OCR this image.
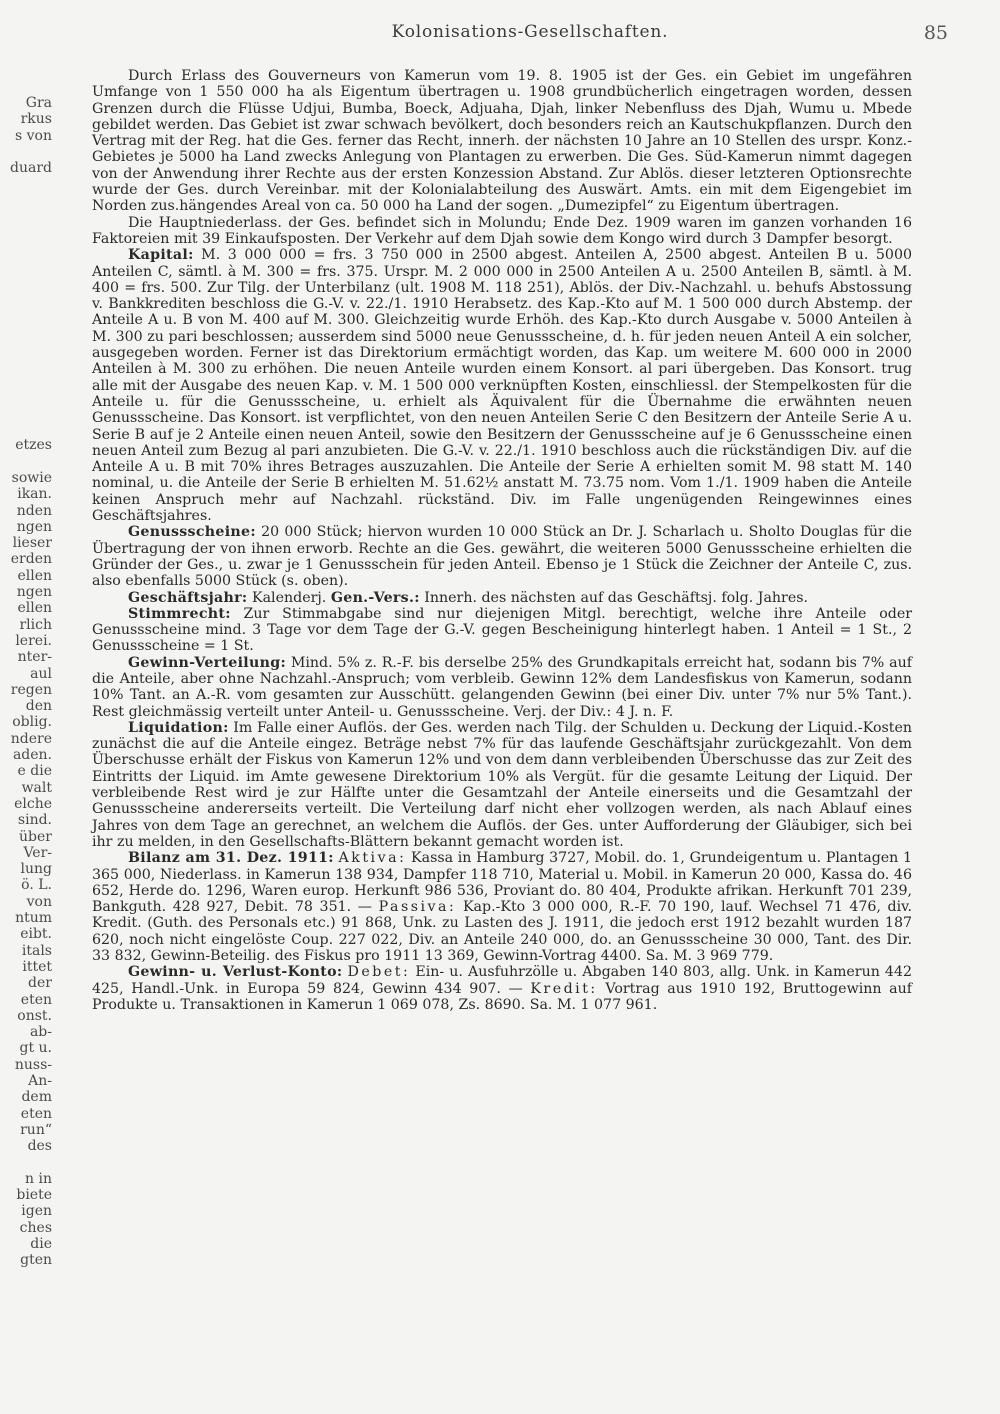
Kolonisations-Gesellschaften.	85
Gra
rkus
s von
duard
etzes
sowie
ikan.
nden
ngen
lieser
erden
ellen
ngen
ellen
rlich
lerei.
nter-
aul
regen
den
oblig.
ndere
aden.
e die
walt
elche
sind.
über
Ver-
lung
ö. L.
von
ntum
eibt.
itals
ittet
der
eten
onst.
ab-
gt u.
nuss-
An-
dem
eten
run“
des
n in
biete
igen
ches
die
gten

Durch Erlass des Gouverneurs von Kamerun vom 19. 8. 1905 ist der Ges. ein Gebiet im ungefähren Umfange von 1 550 000 ha als Eigentum übertragen u. 1908 grundbücherlich eingetragen worden, dessen Grenzen durch die Flüsse Udjui, Bumba, Boeck, Adjuaha, Djah, linker Nebenfluss des Djah, Wumu u. Mbede gebildet werden. Das Gebiet ist zwar schwach bevölkert, doch besonders reich an Kautschukpflanzen. Durch den Vertrag mit der Reg. hat die Ges. ferner das Recht, innerh. der nächsten 10 Jahre an 10 Stellen des urspr. Konz.-Gebietes je 5000 ha Land zwecks Anlegung von Plantagen zu erwerben. Die Ges. Süd-Kamerun nimmt dagegen von der Anwendung ihrer Rechte aus der ersten Konzession Abstand. Zur Ablös. dieser letzteren Optionsrechte wurde der Ges. durch Vereinbar. mit der Kolonialabteilung des Auswärt. Amts. ein mit dem Eigengebiet im Norden zus.hängendes Areal von ca. 50 000 ha Land der sogen. „Dumezipfel“ zu Eigentum übertragen.

Die Hauptniederlass. der Ges. befindet sich in Molundu; Ende Dez. 1909 waren im ganzen vorhanden 16 Faktoreien mit 39 Einkaufsposten. Der Verkehr auf dem Djah sowie dem Kongo wird durch 3 Dampfer besorgt.

Kapital: M. 3 000 000 = frs. 3 750 000 in 2500 abgest. Anteilen A, 2500 abgest. Anteilen B u. 5000 Anteilen C, sämtl. à M. 300 = frs. 375. Urspr. M. 2 000 000 in 2500 Anteilen A u. 2500 Anteilen B, sämtl. à M. 400 = frs. 500. Zur Tilg. der Unterbilanz (ult. 1908 M. 118 251), Ablös. der Div.-Nachzahl. u. behufs Abstossung v. Bankkrediten beschloss die G.-V. v. 22./1. 1910 Herabsetz. des Kap.-Kto auf M. 1 500 000 durch Abstemp. der Anteile A u. B von M. 400 auf M. 300. Gleichzeitig wurde Erhöh. des Kap.-Kto durch Ausgabe v. 5000 Anteilen à M. 300 zu pari beschlossen; ausserdem sind 5000 neue Genussscheine, d. h. für jeden neuen Anteil A ein solcher, ausgegeben worden. Ferner ist das Direktorium ermächtigt worden, das Kap. um weitere M. 600 000 in 2000 Anteilen à M. 300 zu erhöhen. Die neuen Anteile wurden einem Konsort. al pari übergeben. Das Konsort. trug alle mit der Ausgabe des neuen Kap. v. M. 1 500 000 verknüpften Kosten, einschliessl. der Stempelkosten für die Anteile u. für die Genussscheine, u. erhielt als Äquivalent für die Übernahme die erwähnten neuen Genussscheine. Das Konsort. ist verpflichtet, von den neuen Anteilen Serie C den Besitzern der Anteile Serie A u. Serie B auf je 2 Anteile einen neuen Anteil, sowie den Besitzern der Genussscheine auf je 6 Genussscheine einen neuen Anteil zum Bezug al pari anzubieten. Die G.-V. v. 22./1. 1910 beschloss auch die rückständigen Div. auf die Anteile A u. B mit 70% ihres Betrages auszuzahlen. Die Anteile der Serie A erhielten somit M. 98 statt M. 140 nominal, u. die Anteile der Serie B erhielten M. 51.62½ anstatt M. 73.75 nom. Vom 1./1. 1909 haben die Anteile keinen Anspruch mehr auf Nachzahl. rückständ. Div. im Falle ungenügenden Reingewinnes eines Geschäftsjahres.

Genussscheine: 20 000 Stück; hiervon wurden 10 000 Stück an Dr. J. Scharlach u. Sholto Douglas für die Übertragung der von ihnen erworb. Rechte an die Ges. gewährt, die weiteren 5000 Genussscheine erhielten die Gründer der Ges., u. zwar je 1 Genussschein für jeden Anteil. Ebenso je 1 Stück die Zeichner der Anteile C, zus. also ebenfalls 5000 Stück (s. oben).

Geschäftsjahr: Kalenderj. Gen.-Vers.: Innerh. des nächsten auf das Geschäftsj. folg. Jahres.

Stimmrecht: Zur Stimmabgabe sind nur diejenigen Mitgl. berechtigt, welche ihre Anteile oder Genussscheine mind. 3 Tage vor dem Tage der G.-V. gegen Bescheinigung hinterlegt haben. 1 Anteil = 1 St., 2 Genussscheine = 1 St.

Gewinn-Verteilung: Mind. 5% z. R.-F. bis derselbe 25% des Grundkapitals erreicht hat, sodann bis 7% auf die Anteile, aber ohne Nachzahl.-Anspruch; vom verbleib. Gewinn 12% dem Landesfiskus von Kamerun, sodann 10% Tant. an A.-R. vom gesamten zur Ausschütt. gelangenden Gewinn (bei einer Div. unter 7% nur 5% Tant.). Rest gleichmässig verteilt unter Anteil- u. Genussscheine. Verj. der Div.: 4 J. n. F.

Liquidation: Im Falle einer Auflös. der Ges. werden nach Tilg. der Schulden u. Deckung der Liquid.-Kosten zunächst die auf die Anteile eingez. Beträge nebst 7% für das laufende Geschäftsjahr zurückgezahlt. Von dem Überschusse erhält der Fiskus von Kamerun 12% und von dem dann verbleibenden Überschusse das zur Zeit des Eintritts der Liquid. im Amte gewesene Direktorium 10% als Vergüt. für die gesamte Leitung der Liquid. Der verbleibende Rest wird je zur Hälfte unter die Gesamtzahl der Anteile einerseits und die Gesamtzahl der Genussscheine andererseits verteilt. Die Verteilung darf nicht eher vollzogen werden, als nach Ablauf eines Jahres von dem Tage an gerechnet, an welchem die Auflös. der Ges. unter Aufforderung der Gläubiger, sich bei ihr zu melden, in den Gesellschafts-Blättern bekannt gemacht worden ist.

Bilanz am 31. Dez. 1911: Aktiva: Kassa in Hamburg 3727, Mobil. do. 1, Grundeigentum u. Plantagen 1 365 000, Niederlass. in Kamerun 138 934, Dampfer 118 710, Material u. Mobil. in Kamerun 20 000, Kassa do. 46 652, Herde do. 1296, Waren europ. Herkunft 986 536, Proviant do. 80 404, Produkte afrikan. Herkunft 701 239, Bankguth. 428 927, Debit. 78 351. — Passiva: Kap.-Kto 3 000 000, R.-F. 70 190, lauf. Wechsel 71 476, div. Kredit. (Guth. des Personals etc.) 91 868, Unk. zu Lasten des J. 1911, die jedoch erst 1912 bezahlt wurden 187 620, noch nicht eingelöste Coup. 227 022, Div. an Anteile 240 000, do. an Genussscheine 30 000, Tant. des Dir. 33 832, Gewinn-Beteilig. des Fiskus pro 1911 13 369, Gewinn-Vortrag 4400. Sa. M. 3 969 779.

Gewinn- u. Verlust-Konto: Debet: Ein- u. Ausfuhrzölle u. Abgaben 140 803, allg. Unk. in Kamerun 442 425, Handl.-Unk. in Europa 59 824, Gewinn 434 907. — Kredit: Vortrag aus 1910 192, Bruttogewinn auf Produkte u. Transaktionen in Kamerun 1 069 078, Zs. 8690. Sa. M. 1 077 961.
